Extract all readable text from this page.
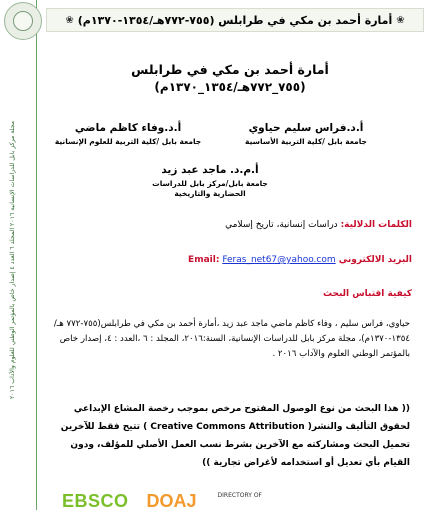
مجلة مركز بابل للدراسات الإنسانية ٢٠١٦ المجلد ٦ العدد ٤ إصدار خاص بالمؤتمر الوطني للعلوم والآداب ٢٠١٦
❀ أمارة أحمد بن مكي في طرابلس (٧٥٥-٧٧٢هـ/١٣٥٤-١٣٧٠م) ❀
أمارة أحمد بن مكي في طرابلس
(٧٥٥_٧٧٢هـ/١٣٥٤_١٣٧٠م)
أ.د.فراس سليم حياوي
جامعة بابل /كلية التربية الأساسية
أ.د.وفاء كاظم ماضي
جامعة بابل /كلية التربية للعلوم الإنسانية
أ.م.د. ماجد عبد زيد
جامعة بابل/مركز بابل للدراسات الحضارية والتاريخية
الكلمات الدلالية: دراسات إنسانية، تاريخ إسلامي
البريد الالكتروني Email: Feras_net67@yahoo.com
كيفية اقتباس البحث
حياوي، فراس سليم ، وفاء كاظم ماضي ماجد عبد زيد ،أمارة أحمد بن مكي في طرابلس(٧٥٥-٧٧٢ هـ/١٣٥٤-١٣٧٠م)، مجلة مركز بابل للدراسات الإنسانية، السنة:٢٠١٦، المجلد : ٦ ،العدد : ٤، إصدار خاص بالمؤتمر الوطني العلوم والآداب ٢٠١٦ .
(( هذا البحث من نوع الوصول المفتوح مرخص بموجب رخصة المشاع الإبداعي لحقوق التأليف والنشر( Creative Commons Attribution ) تتيح فقط للآخرين تحميل البحث ومشاركته مع الآخرين بشرط نسب العمل الأصلي للمؤلف، ودون القيام بأي تعديل أو استخدامه لأغراض تجارية ))
EBSCO DOAJ	DIRECTORY OF
